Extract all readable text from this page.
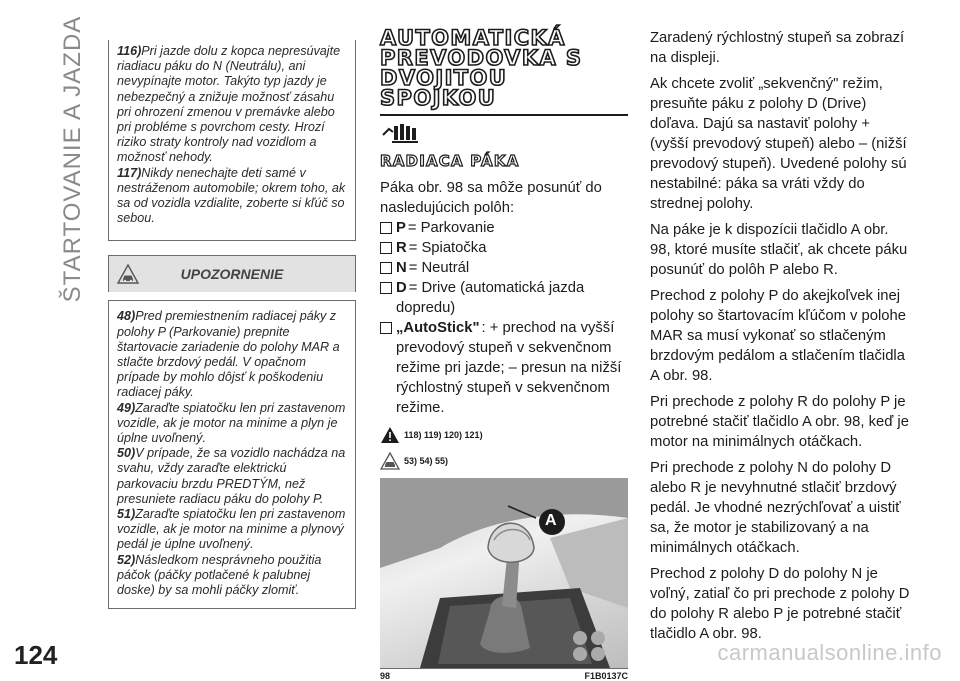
ŠTARTOVANIE A JAZDA
124

116)Pri jazde dolu z kopca nepresúvajte riadiacu páku do N (Neutrálu), ani nevypínajte motor. Takýto typ jazdy je nebezpečný a znižuje možnosť zásahu pri ohrození zmenou v premávke alebo pri probléme s povrchom cesty. Hrozí riziko straty kontroly nad vozidlom a možnosť nehody.

117)Nikdy nenechajte deti samé v nestráženom automobile; okrem toho, ak sa od vozidla vzdialite, zoberte si kľúč so sebou.

UPOZORNENIE

48)Pred premiestnením radiacej páky z polohy P (Parkovanie) prepnite štartovacie zariadenie do polohy MAR a stlačte brzdový pedál. V opačnom prípade by mohlo dôjsť k poškodeniu radiacej páky.

49)Zaraďte spiatočku len pri zastavenom vozidle, ak je motor na minime a plyn je úplne uvoľnený.

50)V prípade, že sa vozidlo nachádza na svahu, vždy zaraďte elektrickú parkovaciu brzdu PREDTÝM, než presuniete radiacu páku do polohy P.

51)Zaraďte spiatočku len pri zastavenom vozidle, ak je motor na minime a plynový pedál je úplne uvoľnený.

52)Následkom nesprávneho použitia páčok (páčky potlačené k palubnej doske) by sa mohli páčky zlomiť.

AUTOMATICKÁ PREVODOVKA S DVOJITOU SPOJKOU
RADIACA PÁKA

Páka obr. 98 sa môže posunúť do nasledujúcich polôh:

P = Parkovanie
R = Spiatočka
N = Neutrál
D = Drive (automatická jazda dopredu)
„AutoStick" : + prechod na vyšší prevodový stupeň v sekvenčnom režime pri jazde; – presun na nižší rýchlostný stupeň v sekvenčnom režime.
118) 119) 120) 121)
53) 54) 55)
A
98	F1B0137C

Zaradený rýchlostný stupeň sa zobrazí na displeji.

Ak chcete zvoliť „sekvenčný" režim, presuňte páku z polohy D (Drive) doľava. Dajú sa nastaviť polohy + (vyšší prevodový stupeň) alebo – (nižší prevodový stupeň). Uvedené polohy sú nestabilné: páka sa vráti vždy do strednej polohy.

Na páke je k dispozícii tlačidlo A obr. 98, ktoré musíte stlačiť, ak chcete páku posunúť do polôh P alebo R.

Prechod z polohy P do akejkoľvek inej polohy so štartovacím kľúčom v polohe MAR sa musí vykonať so stlačeným brzdovým pedálom a stlačením tlačidla A obr. 98.

Pri prechode z polohy R do polohy P je potrebné stačiť tlačidlo A obr. 98, keď je motor na minimálnych otáčkach.

Pri prechode z polohy N do polohy D alebo R je nevyhnutné stlačiť brzdový pedál. Je vhodné nezrýchľovať a uistiť sa, že motor je stabilizovaný a na minimálnych otáčkach.

Prechod z polohy D do polohy N je voľný, zatiaľ čo pri prechode z polohy D do polohy R alebo P je potrebné stačiť tlačidlo A obr. 98.

carmanualsonline.info
